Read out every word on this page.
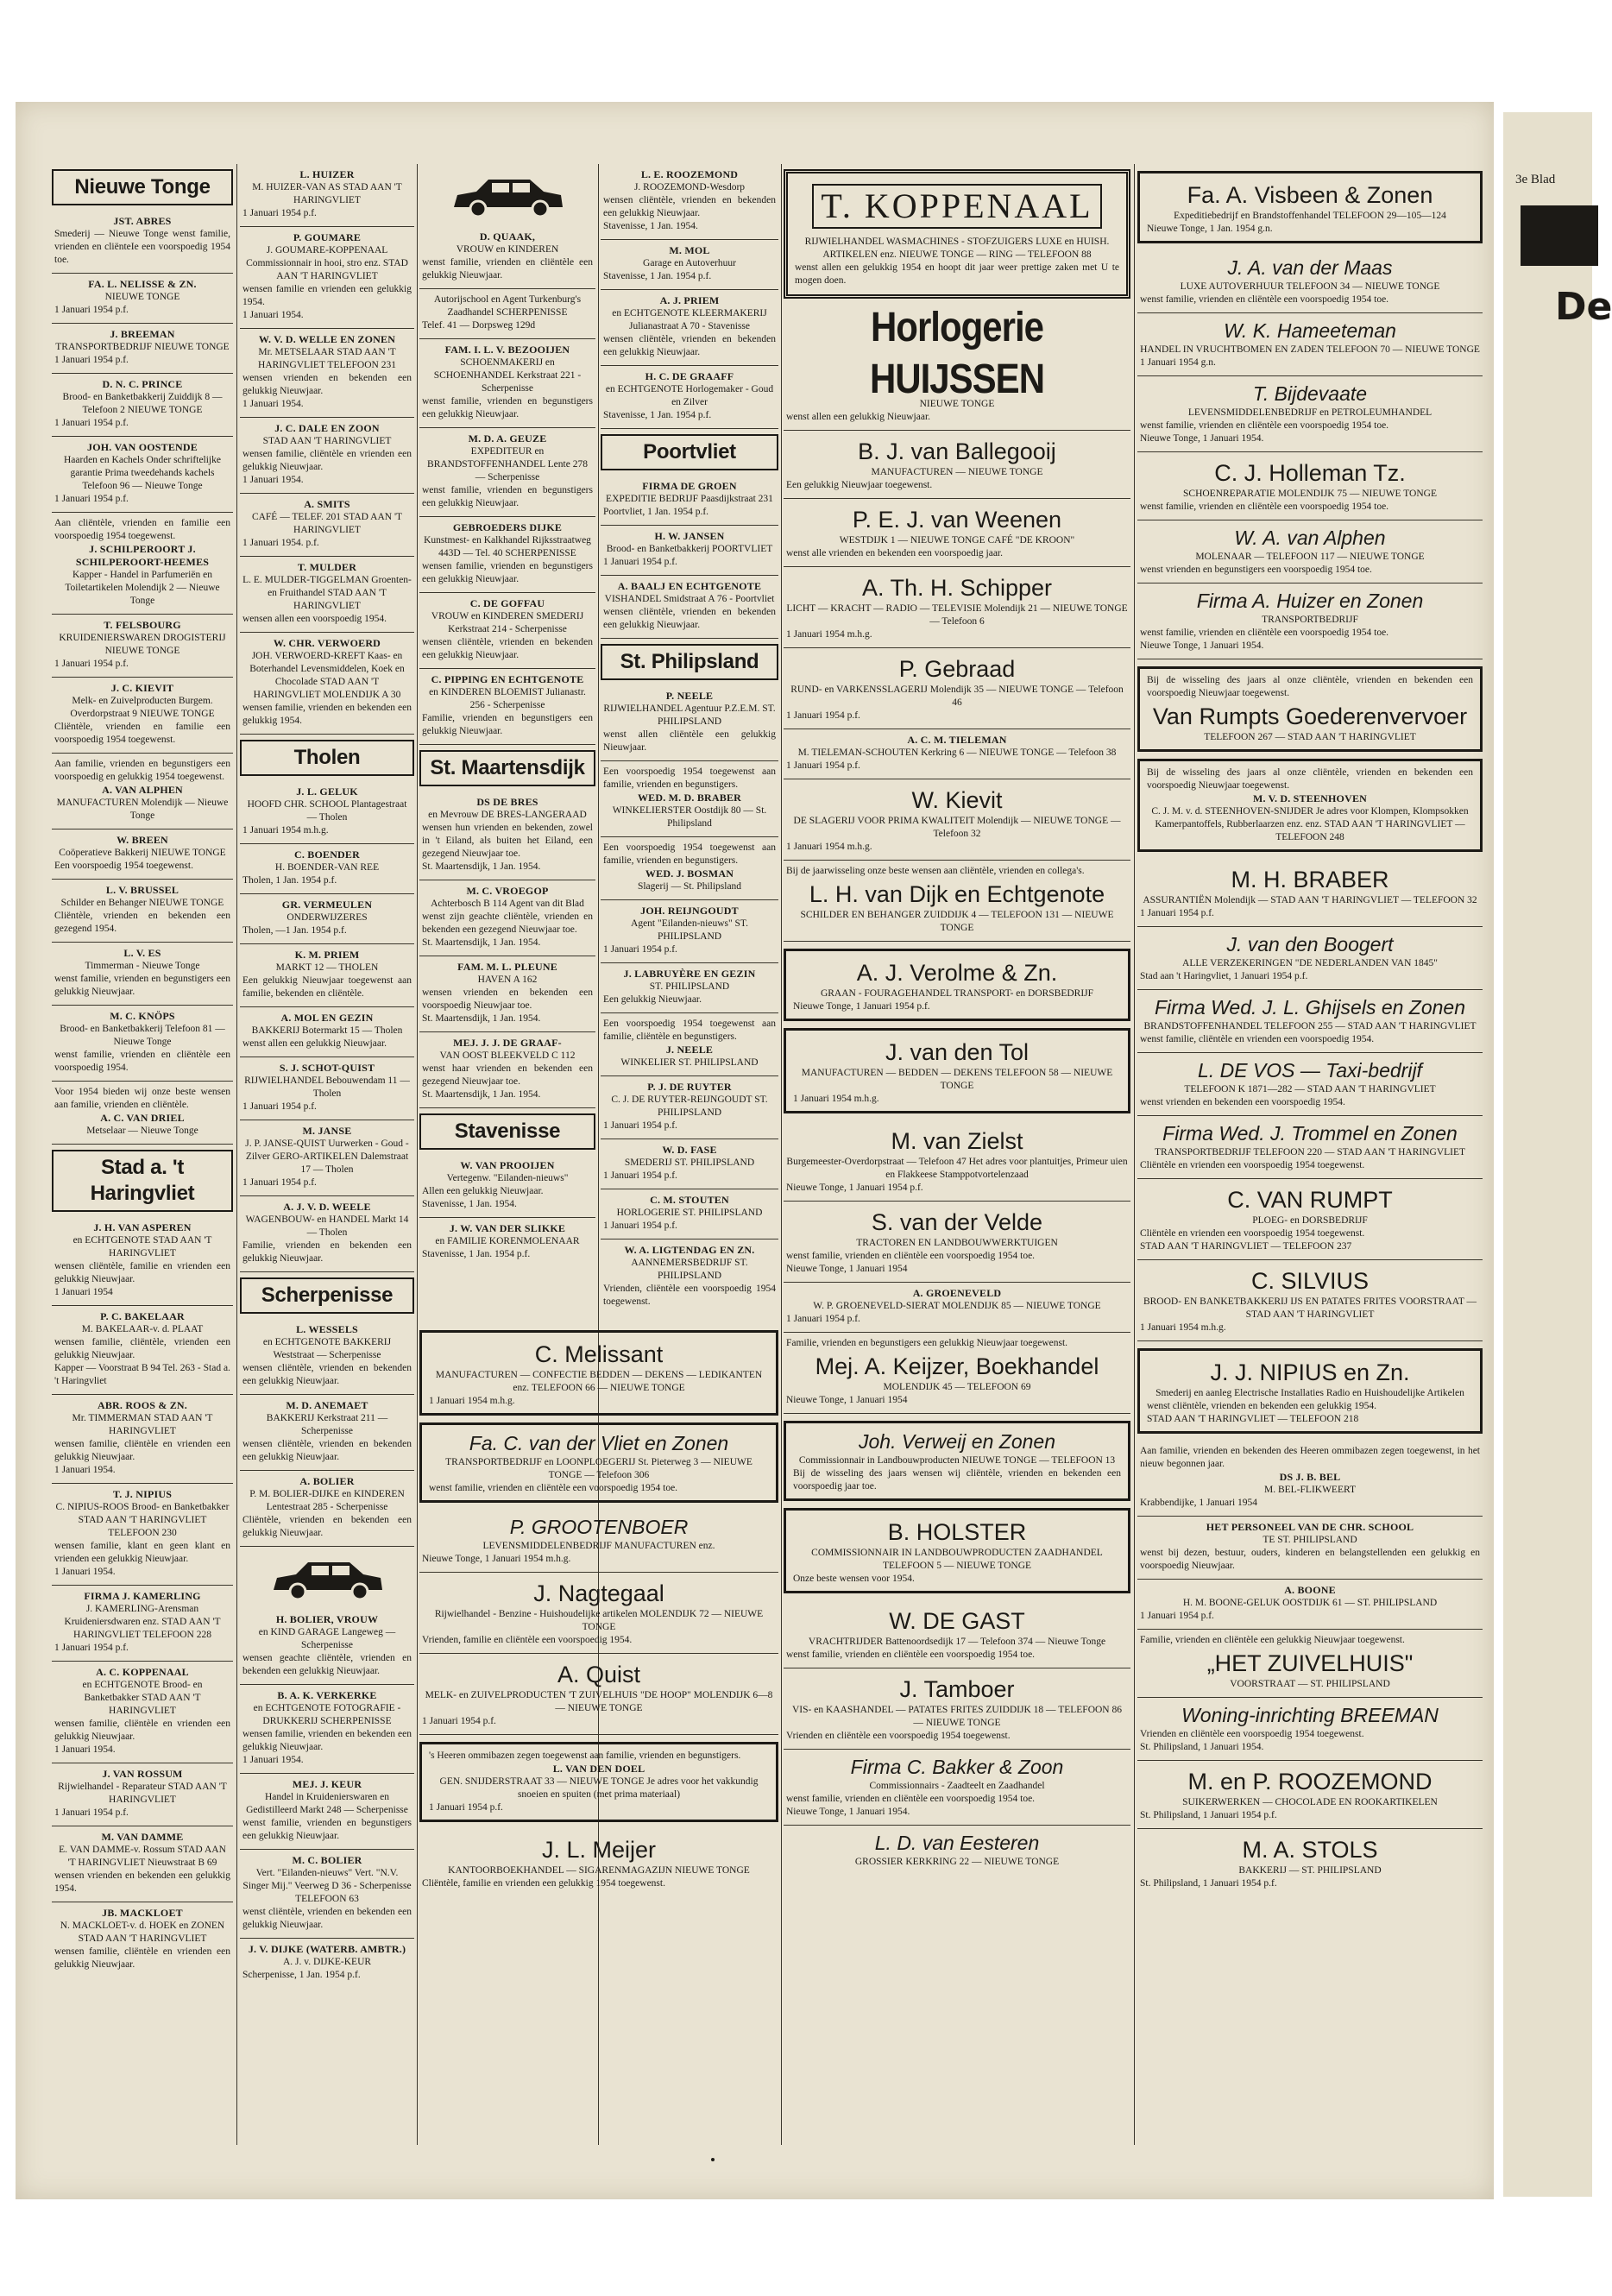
3e Blad
De
Nieuwe Tonge
JST. ABRES
Smederij — Nieuwe Tonge wenst familie, vrienden en cliënteIe een voorspoedig 1954 toe.
FA. L. NELISSE & ZN.
NIEUWE TONGE
1 Januari 1954 p.f.
J. BREEMAN
TRANSPORTBEDRIJF NIEUWE TONGE
1 Januari 1954 p.f.
D. N. C. PRINCE
Brood- en Banketbakkerij Zuiddijk 8 — Telefoon 2 NIEUWE TONGE
1 Januari 1954 p.f.
JOH. VAN OOSTENDE
Haarden en Kachels Onder schriftelijke garantie Prima tweedehands kachels Telefoon 96 — Nieuwe Tonge
1 Januari 1954 p.f.
Aan cliëntèle, vrienden en familie een voorspoedig 1954 toegewenst.
J. SCHILPEROORT J. SCHILPEROORT-HEEMES
Kapper - Handel in Parfumeriën en Toiletartikelen Molendijk 2 — Nieuwe Tonge
T. FELSBOURG
KRUIDENIERSWAREN DROGISTERIJ NIEUWE TONGE
1 Januari 1954 p.f.
J. C. KIEVIT
Melk- en Zuivelproducten Burgem. Overdorpstraat 9 NIEUWE TONGE
Cliëntèle, vrienden en familie een voorspoedig 1954 toegewenst.
Aan familie, vrienden en begunstigers een voorspoedig en gelukkig 1954 toegewenst.
A. VAN ALPHEN
MANUFACTUREN Molendijk — Nieuwe Tonge
W. BREEN
Coöperatieve Bakkerij NIEUWE TONGE
Een voorspoedig 1954 toegewenst.
L. V. BRUSSEL
Schilder en Behanger NIEUWE TONGE
Cliëntèle, vrienden en bekenden een gezegend 1954.
L. V. ES
Timmerman - Nieuwe Tonge
wenst familie, vrienden en begunstigers een gelukkig Nieuwjaar.
M. C. KNÖPS
Brood- en Banketbakkerij Telefoon 81 — Nieuwe Tonge
wenst familie, vrienden en cliëntèle een voorspoedig 1954.
Voor 1954 bieden wij onze beste wensen aan familie, vrienden en cliëntèle.
A. C. VAN DRIEL
Metselaar — Nieuwe Tonge
Stad a. 't Haringvliet
J. H. VAN ASPEREN
en ECHTGENOTE STAD AAN 'T HARINGVLIET
wensen cliëntèle, familie en vrienden een gelukkig Nieuwjaar.
1 Januari 1954
P. C. BAKELAAR
M. BAKELAAR-v. d. PLAAT
wensen familie, cliëntèle, vrienden een gelukkig Nieuwjaar.
Kapper — Voorstraat B 94 Tel. 263 - Stad a. 't Haringvliet
ABR. ROOS & ZN.
Mr. TIMMERMAN STAD AAN 'T HARINGVLIET
wensen familie, cliëntèle en vrienden een gelukkig Nieuwjaar.
1 Januari 1954.
T. J. NIPIUS
C. NIPIUS-ROOS Brood- en Banketbakker STAD AAN 'T HARINGVLIET TELEFOON 230
wensen familie, klant en geen klant en vrienden een gelukkig Nieuwjaar.
1 Januari 1954.
FIRMA J. KAMERLING
J. KAMERLING-Arensman Kruideniersdwaren enz. STAD AAN 'T HARINGVLIET TELEFOON 228
1 Januari 1954 p.f.
A. C. KOPPENAAL
en ECHTGENOTE Brood- en Banketbakker STAD AAN 'T HARINGVLIET
wensen familie, cliëntèle en vrienden een gelukkig Nieuwjaar.
1 Januari 1954.
J. VAN ROSSUM
Rijwielhandel - Reparateur STAD AAN 'T HARINGVLIET
1 Januari 1954 p.f.
M. VAN DAMME
E. VAN DAMME-v. Rossum STAD AAN 'T HARINGVLIET Nieuwstraat B 69
wensen vrienden en bekenden een gelukkig 1954.
JB. MACKLOET
N. MACKLOET-v. d. HOEK en ZONEN STAD AAN 'T HARINGVLIET
wensen familie, cliëntèle en vrienden een gelukkig Nieuwjaar.
L. HUIZER
M. HUIZER-VAN AS STAD AAN 'T HARINGVLIET
1 Januari 1954 p.f.
P. GOUMARE
J. GOUMARE-KOPPENAAL Commissionnair in hooi, stro enz. STAD AAN 'T HARINGVLIET
wensen familie en vrienden een gelukkig 1954.
1 Januari 1954.
W. V. D. WELLE EN ZONEN
Mr. METSELAAR STAD AAN 'T HARINGVLIET TELEFOON 231
wensen vrienden en bekenden een gelukkig Nieuwjaar.
1 Januari 1954.
J. C. DALE EN ZOON
STAD AAN 'T HARINGVLIET
wensen familie, cliëntèle en vrienden een gelukkig Nieuwjaar.
1 Januari 1954.
A. SMITS
CAFÉ — TELEF. 201 STAD AAN 'T HARINGVLIET
1 Januari 1954. p.f.
T. MULDER
L. E. MULDER-TIGGELMAN Groenten- en Fruithandel STAD AAN 'T HARINGVLIET
wensen allen een voorspoedig 1954.
W. CHR. VERWOERD
JOH. VERWOERD-KREFT Kaas- en Boterhandel Levensmiddelen, Koek en Chocolade STAD AAN 'T HARINGVLIET MOLENDIJK A 30
wensen familie, vrienden en bekenden een gelukkig 1954.
Tholen
J. L. GELUK
HOOFD CHR. SCHOOL Plantagestraat — Tholen
1 Januari 1954 m.h.g.
C. BOENDER
H. BOENDER-VAN REE
Tholen, 1 Jan. 1954 p.f.
GR. VERMEULEN
ONDERWIJZERES
Tholen, —1 Jan. 1954 p.f.
K. M. PRIEM
MARKT 12 — THOLEN
Een gelukkig Nieuwjaar toegewenst aan familie, bekenden en cliëntèle.
A. MOL EN GEZIN
BAKKERIJ Botermarkt 15 — Tholen
wenst allen een gelukkig Nieuwjaar.
S. J. SCHOT-QUIST
RIJWIELHANDEL Bebouwendam 11 — Tholen
1 Januari 1954 p.f.
M. JANSE
J. P. JANSE-QUIST Uurwerken - Goud - Zilver GERO-ARTIKELEN Dalemstraat 17 — Tholen
1 Januari 1954 p.f.
A. J. V. D. WEELE
WAGENBOUW- en HANDEL Markt 14 — Tholen
Familie, vrienden en bekenden een gelukkig Nieuwjaar.
Scherpenisse
L. WESSELS
en ECHTGENOTE BAKKERIJ Weststraat — Scherpenisse
wensen cliëntèle, vrienden en bekenden een gelukkig Nieuwjaar.
M. D. ANEMAET
BAKKERIJ Kerkstraat 211 — Scherpenisse
wensen cliëntèle, vrienden en bekenden een gelukkig Nieuwjaar.
A. BOLIER
P. M. BOLIER-DIJKE en KINDEREN Lentestraat 285 - Scherpenisse
Cliëntèle, vrienden en bekenden een gelukkig Nieuwjaar.
H. BOLIER, VROUW
en KIND GARAGE Langeweg — Scherpenisse
wensen geachte cliëntèle, vrienden en bekenden een gelukkig Nieuwjaar.
B. A. K. VERKERKE
en ECHTGENOTE FOTOGRAFIE - DRUKKERIJ SCHERPENISSE
wensen familie, vrienden en bekenden een gelukkig Nieuwjaar.
1 Januari 1954.
MEJ. J. KEUR
Handel in Kruidenierswaren en Gedistilleerd Markt 248 — Scherpenisse
wenst familie, vrienden en begunstigers een gelukkig Nieuwjaar.
M. C. BOLIER
Vert. "Eilanden-nieuws" Vert. "N.V. Singer Mij." Veerweg D 36 - Scherpenisse TELEFOON 63
wenst cliëntèle, vrienden en bekenden een gelukkig Nieuwjaar.
J. V. DIJKE (WATERB. AMBTR.)
A. J. v. DIJKE-KEUR
Scherpenisse, 1 Jan. 1954 p.f.
D. QUAAK,
VROUW en KINDEREN
wenst familie, vrienden en cliëntèle een gelukkig Nieuwjaar.
Autorijschool en Agent Turkenburg's Zaadhandel SCHERPENISSE
Telef. 41 — Dorpsweg 129d
FAM. I. L. V. BEZOOIJEN
SCHOENMAKERIJ en SCHOENHANDEL Kerkstraat 221 - Scherpenisse
wenst familie, vrienden en begunstigers een gelukkig Nieuwjaar.
M. D. A. GEUZE
EXPEDITEUR en BRANDSTOFFENHANDEL Lente 278 — Scherpenisse
wenst familie, vrienden en begunstigers een gelukkig Nieuwjaar.
GEBROEDERS DIJKE
Kunstmest- en Kalkhandel Rijksstraatweg 443D — Tel. 40 SCHERPENISSE
wensen familie, vrienden en begunstigers een gelukkig Nieuwjaar.
C. DE GOFFAU
VROUW en KINDEREN SMEDERIJ Kerkstraat 214 - Scherpenisse
wensen cliëntèle, vrienden en bekenden een gelukkig Nieuwjaar.
C. PIPPING EN ECHTGENOTE
en KINDEREN BLOEMIST Julianastr. 256 - Scherpenisse
Familie, vrienden en begunstigers een gelukkig Nieuwjaar.
St. Maartensdijk
DS DE BRES
en Mevrouw DE BRES-LANGERAAD
wensen hun vrienden en bekenden, zowel in 't Eiland, als buiten het Eiland, een gezegend Nieuwjaar toe.
St. Maartensdijk, 1 Jan. 1954.
M. C. VROEGOP
Achterbosch B 114 Agent van dit Blad
wenst zijn geachte cliëntèle, vrienden en bekenden een gezegend Nieuwjaar toe.
St. Maartensdijk, 1 Jan. 1954.
FAM. M. L. PLEUNE
HAVEN A 162
wensen vrienden en bekenden een voorspoedig Nieuwjaar toe.
St. Maartensdijk, 1 Jan. 1954.
MEJ. J. J. DE GRAAF-
VAN OOST BLEEKVELD C 112
wenst haar vrienden en bekenden een gezegend Nieuwjaar toe.
St. Maartensdijk, 1 Jan. 1954.
Stavenisse
W. VAN PROOIJEN
Vertegenw. "Eilanden-nieuws"
Allen een gelukkig Nieuwjaar.
Stavenisse, 1 Jan. 1954.
J. W. VAN DER SLIKKE
en FAMILIE KORENMOLENAAR
Stavenisse, 1 Jan. 1954 p.f.
L. E. ROOZEMOND
J. ROOZEMOND-Wesdorp
wensen cliëntèle, vrienden en bekenden een gelukkig Nieuwjaar.
Stavenisse, 1 Jan. 1954.
M. MOL
Garage en Autoverhuur
Stavenisse, 1 Jan. 1954 p.f.
A. J. PRIEM
en ECHTGENOTE KLEERMAKERIJ Julianastraat A 70 - Stavenisse
wensen cliëntèle, vrienden en bekenden een gelukkig Nieuwjaar.
H. C. DE GRAAFF
en ECHTGENOTE Horlogemaker - Goud en Zilver
Stavenisse, 1 Jan. 1954 p.f.
Poortvliet
FIRMA DE GROEN
EXPEDITIE BEDRIJF Paasdijkstraat 231
Poortvliet, 1 Jan. 1954 p.f.
H. W. JANSEN
Brood- en Banketbakkerij POORTVLIET
1 Januari 1954 p.f.
A. BAALJ EN ECHTGENOTE
VISHANDEL Smidstraat A 76 - Poortvliet
wensen cliëntèle, vrienden en bekenden een gelukkig Nieuwjaar.
St. Philipsland
P. NEELE
RIJWIELHANDEL Agentuur P.Z.E.M. ST. PHILIPSLAND
wenst allen cliëntèle een gelukkig Nieuwjaar.
Een voorspoedig 1954 toegewenst aan familie, vrienden en begunstigers.
WED. M. D. BRABER
WINKELIERSTER Oostdijk 80 — St. Philipsland
Een voorspoedig 1954 toegewenst aan familie, vrienden en begunstigers.
WED. J. BOSMAN
Slagerij — St. Philipsland
JOH. REIJNGOUDT
Agent "Eilanden-nieuws" ST. PHILIPSLAND
1 Januari 1954 p.f.
J. LABRUYÈRE EN GEZIN
ST. PHILIPSLAND
Een gelukkig Nieuwjaar.
Een voorspoedig 1954 toegewenst aan familie, cliëntèle en begunstigers.
J. NEELE
WINKELIER ST. PHILIPSLAND
P. J. DE RUYTER
C. J. DE RUYTER-REIJNGOUDT ST. PHILIPSLAND
1 Januari 1954 p.f.
W. D. FASE
SMEDERIJ ST. PHILIPSLAND
1 Januari 1954 p.f.
C. M. STOUTEN
HORLOGERIE ST. PHILIPSLAND
1 Januari 1954 p.f.
W. A. LIGTENDAG EN ZN.
AANNEMERSBEDRIJF ST. PHILIPSLAND
Vrienden, cliëntèle een voorspoedig 1954 toegewenst.
C. Melissant
MANUFACTUREN — CONFECTIE BEDDEN — DEKENS — LEDIKANTEN enz. TELEFOON 66 — NIEUWE TONGE
1 Januari 1954 m.h.g.
Fa. C. van der Vliet en Zonen
TRANSPORTBEDRIJF en LOONPLOEGERIJ St. Pieterweg 3 — NIEUWE TONGE — Telefoon 306
wenst familie, vrienden en cliëntèle een voorspoedig 1954 toe.
P. GROOTENBOER
LEVENSMIDDELENBEDRIJF MANUFACTUREN enz.
Nieuwe Tonge, 1 Januari 1954 m.h.g.
J. Nagtegaal
Rijwielhandel - Benzine - Huishoudelijke artikelen MOLENDIJK 72 — NIEUWE TONGE
Vrienden, familie en cliëntèle een voorspoedig 1954.
A. Quist
MELK- en ZUIVELPRODUCTEN 'T ZUIVELHUIS "DE HOOP" MOLENDIJK 6—8 — NIEUWE TONGE
1 Januari 1954 p.f.
's Heeren ommibazen zegen toegewenst aan familie, vrienden en begunstigers.
L. VAN DEN DOEL
GEN. SNIJDERSTRAAT 33 — NIEUWE TONGE Je adres voor het vakkundig snoeien en spuiten (met prima materiaal)
1 Januari 1954 p.f.
J. L. Meijer
KANTOORBOEKHANDEL — SIGARENMAGAZIJN NIEUWE TONGE
Cliëntèle, familie en vrienden een gelukkig 1954 toegewenst.
T. KOPPENAAL
RIJWIELHANDEL WASMACHINES - STOFZUIGERS LUXE en HUISH. ARTIKELEN enz. NIEUWE TONGE — RING — TELEFOON 88
wenst allen een gelukkig 1954 en hoopt dit jaar weer prettige zaken met U te mogen doen.
Horlogerie HUIJSSEN
NIEUWE TONGE
wenst allen een gelukkig Nieuwjaar.
B. J. van Ballegooij
MANUFACTUREN — NIEUWE TONGE
Een gelukkig Nieuwjaar toegewenst.
P. E. J. van Weenen
WESTDIJK 1 — NIEUWE TONGE CAFÉ "DE KROON"
wenst alle vrienden en bekenden een voorspoedig jaar.
A. Th. H. Schipper
LICHT — KRACHT — RADIO — TELEVISIE Molendijk 21 — NIEUWE TONGE — Telefoon 6
1 Januari 1954 m.h.g.
P. Gebraad
RUND- en VARKENSSLAGERIJ Molendijk 35 — NIEUWE TONGE — Telefoon 46
1 Januari 1954 p.f.
A. C. M. TIELEMAN
M. TIELEMAN-SCHOUTEN Kerkring 6 — NIEUWE TONGE — Telefoon 38
1 Januari 1954 p.f.
W. Kievit
DE SLAGERIJ VOOR PRIMA KWALITEIT Molendijk — NIEUWE TONGE — Telefoon 32
1 Januari 1954 m.h.g.
Bij de jaarwisseling onze beste wensen aan cliëntèle, vrienden en collega's.
L. H. van Dijk en Echtgenote
SCHILDER EN BEHANGER ZUIDDIJK 4 — TELEFOON 131 — NIEUWE TONGE
A. J. Verolme & Zn.
GRAAN - FOURAGEHANDEL TRANSPORT- en DORSBEDRIJF
Nieuwe Tonge, 1 Januari 1954 p.f.
J. van den Tol
MANUFACTUREN — BEDDEN — DEKENS TELEFOON 58 — NIEUWE TONGE
1 Januari 1954 m.h.g.
M. van Zielst
Burgemeester-Overdorpstraat — Telefoon 47 Het adres voor plantuitjes, Primeur uien en Flakkeese Stamppotvortelenzaad
Nieuwe Tonge, 1 Januari 1954 p.f.
S. van der Velde
TRACTOREN EN LANDBOUWWERKTUIGEN
wenst familie, vrienden en cliëntèle een voorspoedig 1954 toe.
Nieuwe Tonge, 1 Januari 1954
A. GROENEVELD
W. P. GROENEVELD-SIERAT MOLENDIJK 85 — NIEUWE TONGE
1 Januari 1954 p.f.
Familie, vrienden en begunstigers een gelukkig Nieuwjaar toegewenst.
Mej. A. Keijzer, Boekhandel
MOLENDIJK 45 — TELEFOON 69
Nieuwe Tonge, 1 Januari 1954
Joh. Verweij en Zonen
Commissionnair in Landbouwproducten NIEUWE TONGE — TELEFOON 13
Bij de wisseling des jaars wensen wij cliëntèle, vrienden en bekenden een voorspoedig jaar toe.
B. HOLSTER
COMMISSIONNAIR IN LANDBOUWPRODUCTEN ZAADHANDEL TELEFOON 5 — NIEUWE TONGE
Onze beste wensen voor 1954.
W. DE GAST
VRACHTRIJDER Battenoordsedijk 17 — Telefoon 374 — Nieuwe Tonge
wenst familie, vrienden en cliëntèle een voorspoedig 1954 toe.
J. Tamboer
VIS- en KAASHANDEL — PATATES FRITES ZUIDDIJK 18 — TELEFOON 86 — NIEUWE TONGE
Vrienden en cliëntèle een voorspoedig 1954 toegewenst.
Firma C. Bakker & Zoon
Commissionnairs - Zaadteelt en Zaadhandel
wenst familie, vrienden en cliëntèle een voorspoedig 1954 toe.
Nieuwe Tonge, 1 Januari 1954.
L. D. van Eesteren
GROSSIER KERKRING 22 — NIEUWE TONGE
Fa. A. Visbeen & Zonen
Expeditiebedrijf en Brandstoffenhandel TELEFOON 29—105—124
Nieuwe Tonge, 1 Jan. 1954 g.n.
J. A. van der Maas
LUXE AUTOVERHUUR TELEFOON 34 — NIEUWE TONGE
wenst familie, vrienden en cliëntèle een voorspoedig 1954 toe.
W. K. Hameeteman
HANDEL IN VRUCHTBOMEN EN ZADEN TELEFOON 70 — NIEUWE TONGE
1 Januari 1954 g.n.
T. Bijdevaate
LEVENSMIDDELENBEDRIJF en PETROLEUMHANDEL
wenst familie, vrienden en cliëntèle een voorspoedig 1954 toe.
Nieuwe Tonge, 1 Januari 1954.
C. J. Holleman Tz.
SCHOENREPARATIE MOLENDIJK 75 — NIEUWE TONGE
wenst familie, vrienden en cliëntèle een voorspoedig 1954 toe.
W. A. van Alphen
MOLENAAR — TELEFOON 117 — NIEUWE TONGE
wenst vrienden en begunstigers een voorspoedig 1954 toe.
Firma A. Huizer en Zonen
TRANSPORTBEDRIJF
wenst familie, vrienden en cliëntèle een voorspoedig 1954 toe.
Nieuwe Tonge, 1 Januari 1954.
Bij de wisseling des jaars al onze cliëntèle, vrienden en bekenden een voorspoedig Nieuwjaar toegewenst.
Van Rumpts Goederenvervoer
TELEFOON 267 — STAD AAN 'T HARINGVLIET
Bij de wisseling des jaars al onze cliëntèle, vrienden en bekenden een voorspoedig Nieuwjaar toegewenst.
M. V. D. STEENHOVEN
C. J. M. v. d. STEENHOVEN-SNIJDER Je adres voor Klompen, Klompsokken Kamerpantoffels, Rubberlaarzen enz. enz. STAD AAN 'T HARINGVLIET — TELEFOON 248
M. H. BRABER
ASSURANTIËN Molendijk — STAD AAN 'T HARINGVLIET — TELEFOON 32
1 Januari 1954 p.f.
J. van den Boogert
ALLE VERZEKERINGEN "DE NEDERLANDEN VAN 1845"
Stad aan 't Haringvliet, 1 Januari 1954 p.f.
Firma Wed. J. L. Ghijsels en Zonen
BRANDSTOFFENHANDEL TELEFOON 255 — STAD AAN 'T HARINGVLIET
wenst familie, cliëntèle en vrienden een voorspoedig 1954.
L. DE VOS — Taxi-bedrijf
TELEFOON K 1871—282 — STAD AAN 'T HARINGVLIET
wenst vrienden en bekenden een voorspoedig 1954.
Firma Wed. J. Trommel en Zonen
TRANSPORTBEDRIJF TELEFOON 220 — STAD AAN 'T HARINGVLIET
Cliëntèle en vrienden een voorspoedig 1954 toegewenst.
C. VAN RUMPT
PLOEG- en DORSBEDRIJF
Cliëntèle en vrienden een voorspoedig 1954 toegewenst.
STAD AAN 'T HARINGVLIET — TELEFOON 237
C. SILVIUS
BROOD- EN BANKETBAKKERIJ IJS EN PATATES FRITES VOORSTRAAT — STAD AAN 'T HARINGVLIET
1 Januari 1954 m.h.g.
J. J. NIPIUS en Zn.
Smederij en aanleg Electrische Installaties Radio en Huishoudelijke Artikelen
wenst cliëntèle, vrienden en bekenden een gelukkig 1954.
STAD AAN 'T HARINGVLIET — TELEFOON 218
Aan familie, vrienden en bekenden des Heeren ommibazen zegen toegewenst, in het nieuw begonnen jaar.
DS J. B. BEL
M. BEL-FLIKWEERT
Krabbendijke, 1 Januari 1954
HET PERSONEEL VAN DE CHR. SCHOOL
TE ST. PHILIPSLAND
wenst bij dezen, bestuur, ouders, kinderen en belangstellenden een gelukkig en voorspoedig Nieuwjaar.
A. BOONE
H. M. BOONE-GELUK OOSTDIJK 61 — ST. PHILIPSLAND
1 Januari 1954 p.f.
Familie, vrienden en cliëntèle een gelukkig Nieuwjaar toegewenst.
„HET ZUIVELHUIS"
VOORSTRAAT — ST. PHILIPSLAND
Woning-inrichting BREEMAN
Vrienden en cliëntèle een voorspoedig 1954 toegewenst.
St. Philipsland, 1 Januari 1954.
M. en P. ROOZEMOND
SUIKERWERKEN — CHOCOLADE EN ROOKARTIKELEN
St. Philipsland, 1 Januari 1954 p.f.
M. A. STOLS
BAKKERIJ — ST. PHILIPSLAND
St. Philipsland, 1 Januari 1954 p.f.
